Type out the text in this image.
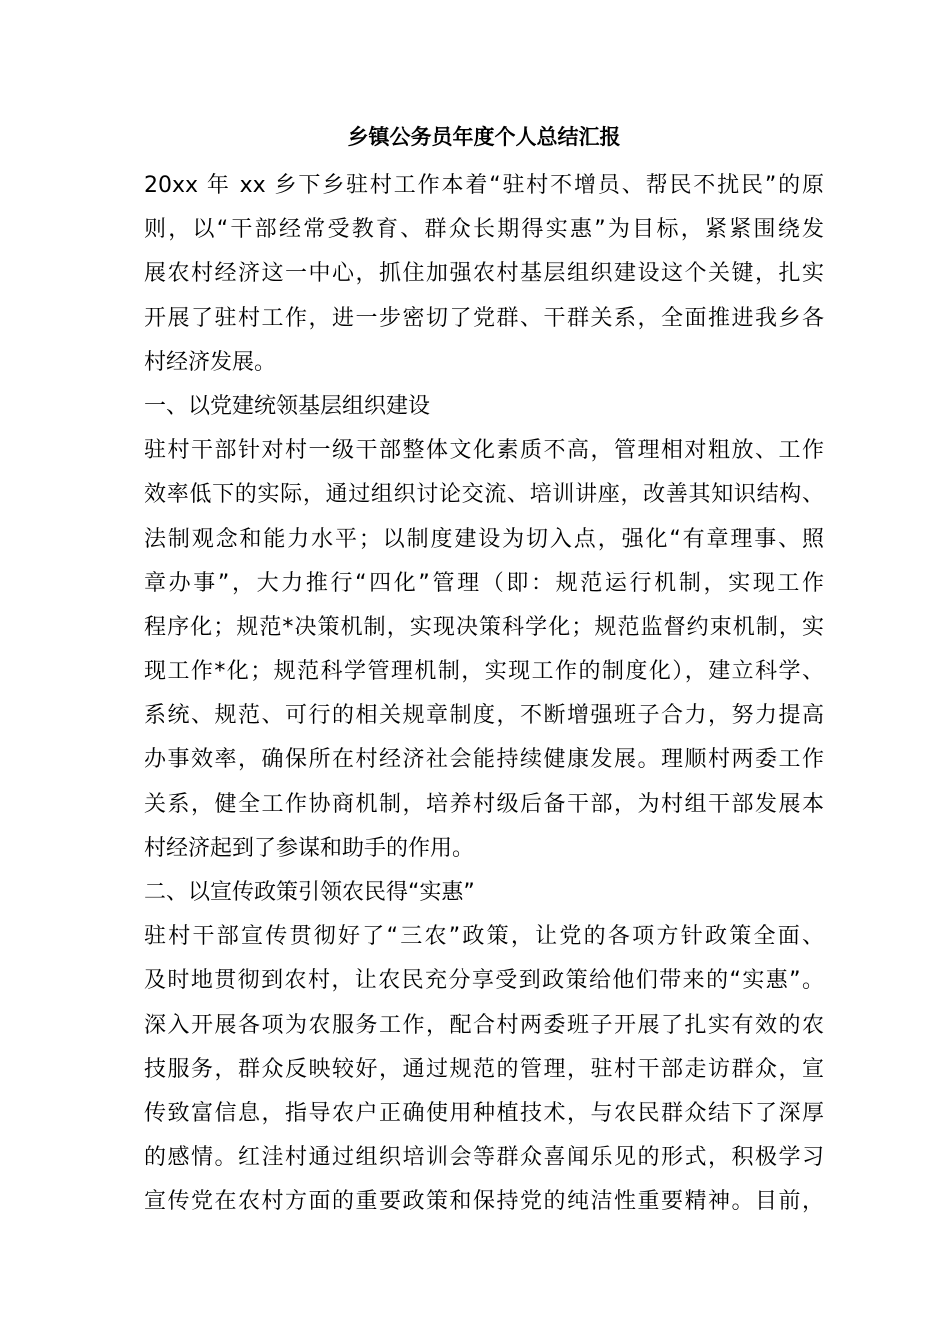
乡镇公务员年度个人总结汇报
20xx 年 xx 乡下乡驻村工作本着“驻村不增员、帮民不扰民”的原
则，以“干部经常受教育、群众长期得实惠”为目标，紧紧围绕发
展农村经济这一中心，抓住加强农村基层组织建设这个关键，扎实
开展了驻村工作，进一步密切了党群、干群关系，全面推进我乡各
村经济发展。
一、以党建统领基层组织建设
驻村干部针对村一级干部整体文化素质不高，管理相对粗放、工作
效率低下的实际，通过组织讨论交流、培训讲座，改善其知识结构、
法制观念和能力水平；以制度建设为切入点，强化“有章理事、照
章办事”，大力推行“四化”管理（即：规范运行机制，实现工作
程序化；规范*决策机制，实现决策科学化；规范监督约束机制，实
现工作*化；规范科学管理机制，实现工作的制度化），建立科学、
系统、规范、可行的相关规章制度，不断增强班子合力，努力提高
办事效率，确保所在村经济社会能持续健康发展。理顺村两委工作
关系，健全工作协商机制，培养村级后备干部，为村组干部发展本
村经济起到了参谋和助手的作用。
二、以宣传政策引领农民得“实惠”
驻村干部宣传贯彻好了“三农”政策，让党的各项方针政策全面、
及时地贯彻到农村，让农民充分享受到政策给他们带来的“实惠”。
深入开展各项为农服务工作，配合村两委班子开展了扎实有效的农
技服务，群众反映较好，通过规范的管理，驻村干部走访群众，宣
传致富信息，指导农户正确使用种植技术，与农民群众结下了深厚
的感情。红洼村通过组织培训会等群众喜闻乐见的形式，积极学习
宣传党在农村方面的重要政策和保持党的纯洁性重要精神。目前，
